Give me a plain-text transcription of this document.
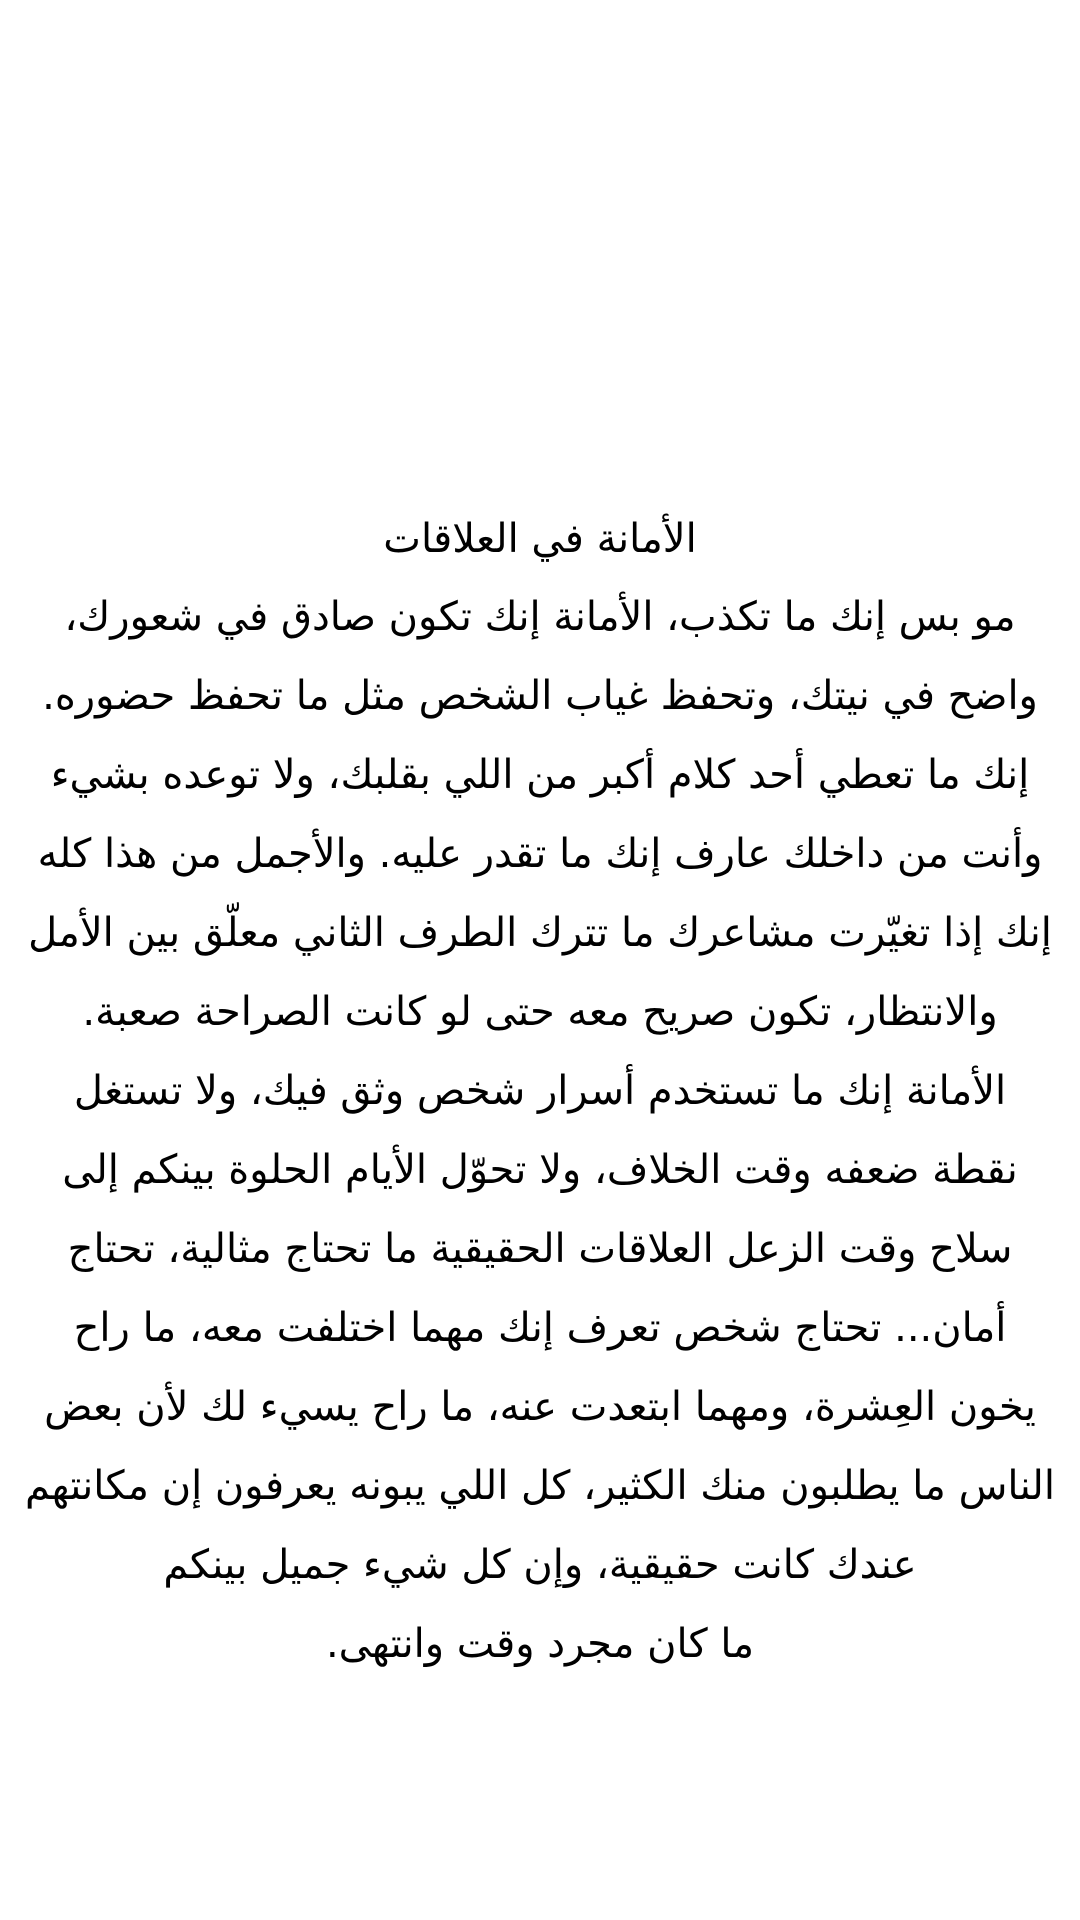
الأمانة في العلاقات
مو بس إنك ما تكذب، الأمانة إنك تكون صادق في شعورك،
واضح في نيتك، وتحفظ غياب الشخص مثل ما تحفظ حضوره.
إنك ما تعطي أحد كلام أكبر من اللي بقلبك، ولا توعده بشيء
وأنت من داخلك عارف إنك ما تقدر عليه. والأجمل من هذا كله
إنك إذا تغيّرت مشاعرك ما تترك الطرف الثاني معلّق بين الأمل
والانتظار، تكون صريح معه حتى لو كانت الصراحة صعبة.
الأمانة إنك ما تستخدم أسرار شخص وثق فيك، ولا تستغل
نقطة ضعفه وقت الخلاف، ولا تحوّل الأيام الحلوة بينكم إلى
سلاح وقت الزعل العلاقات الحقيقية ما تحتاج مثالية، تحتاج
أمان... تحتاج شخص تعرف إنك مهما اختلفت معه، ما راح
يخون العِشرة، ومهما ابتعدت عنه، ما راح يسيء لك لأن بعض
الناس ما يطلبون منك الكثير، كل اللي يبونه يعرفون إن مكانتهم
عندك كانت حقيقية، وإن كل شيء جميل بينكم
ما كان مجرد وقت وانتهى.
